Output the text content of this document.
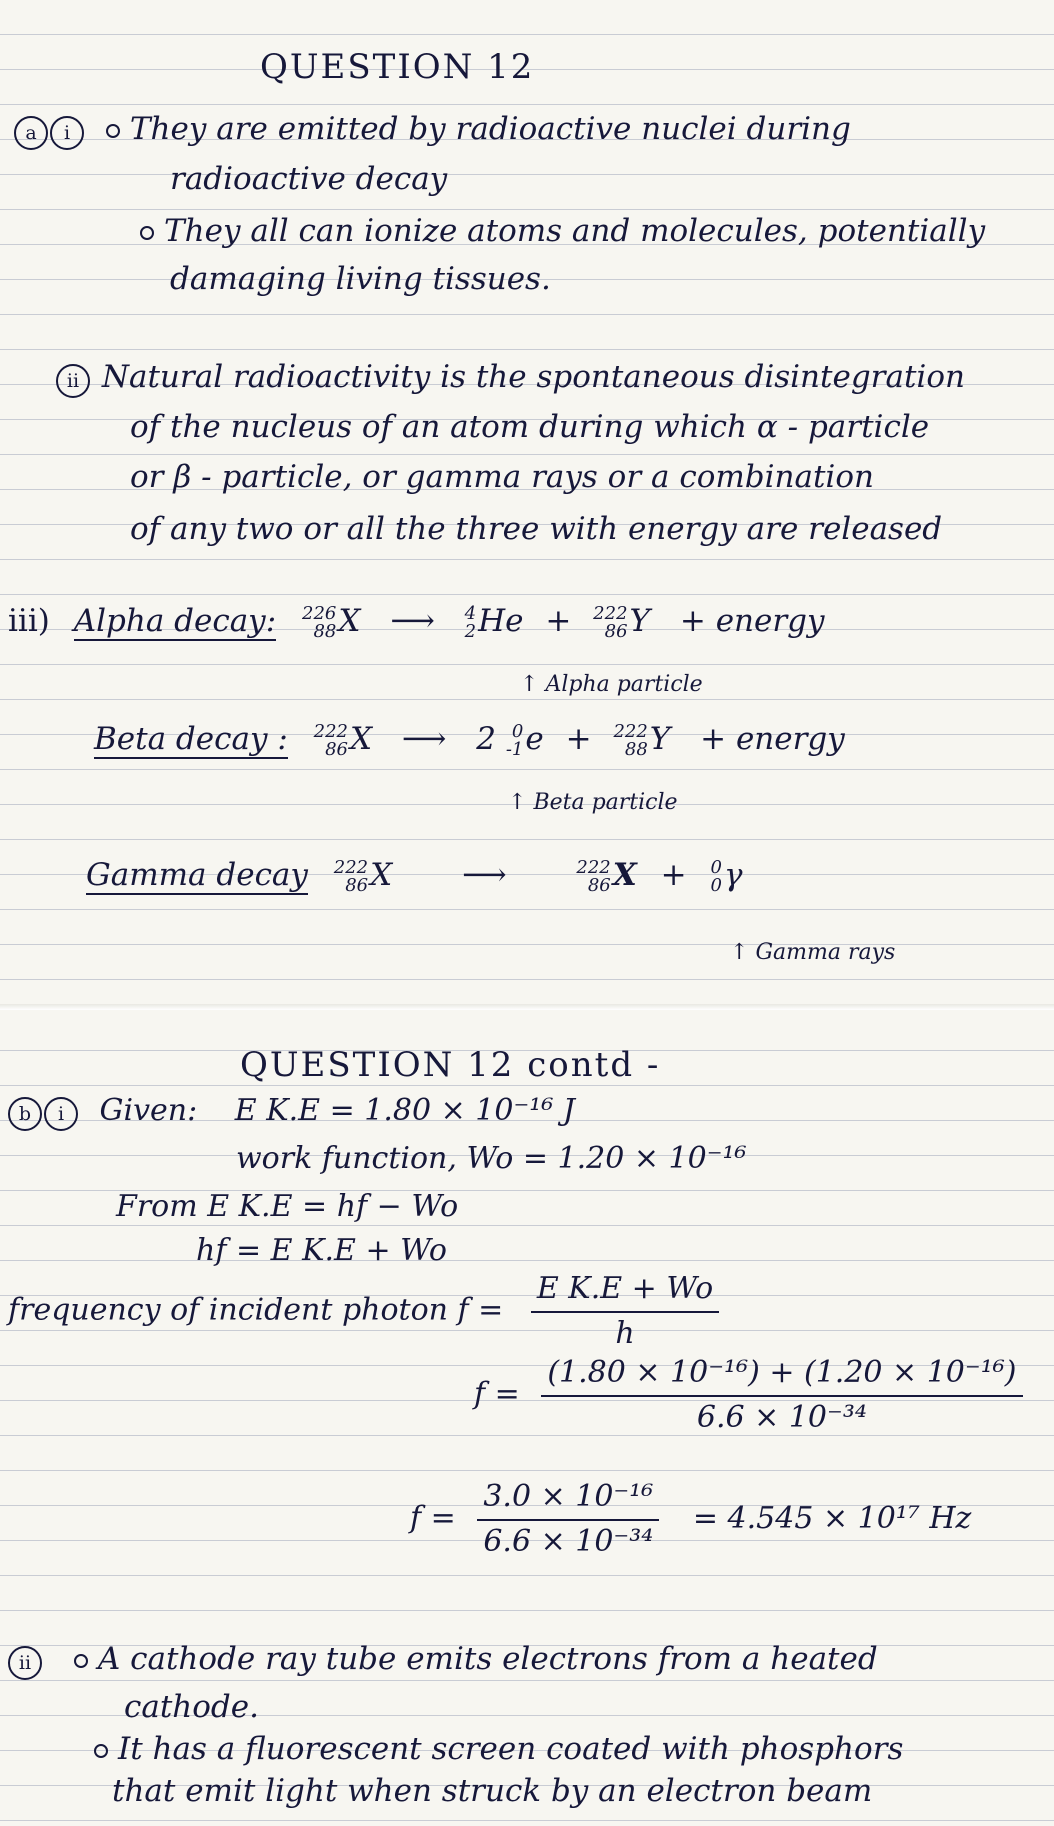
QUESTION 12
a i They are emitted by radioactive nuclei during
radioactive decay
They all can ionize atoms and molecules, potentially
damaging living tissues.
ii Natural radioactivity is the spontaneous disintegration
of the nucleus of an atom during which α - particle
or β - particle, or gamma rays or a combination
of any two or all the three with energy are released
iii) Alpha decay: 226
88 X ⟶ 4
2 He + 222
86 Y + energy
↑ Alpha particle
Beta decay : 222
86 X ⟶ 2 0
-1 e + 222
88 Y + energy
↑ Beta particle
Gamma decay 222
86 X ⟶	222
86 X + 0
0 γ
↑ Gamma rays
QUESTION 12 contd -
b i Given: E K.E = 1.80 × 10⁻¹⁶ J
work function, Wo = 1.20 × 10⁻¹⁶
From E K.E = hf − Wo
hf = E K.E + Wo
frequency of incident photon $f = \frac{\text{E K.E + Wo}}{h}$
$f = \frac{\text{(1.80 × 10⁻¹⁶) + (1.20 × 10⁻¹⁶)}}{\text{6.6 × 10⁻³⁴}}$
$f = \frac{\text{3.0 × 10⁻¹⁶}}{\text{6.6 × 10⁻³⁴}} = 4.545 \times 10^{17}$ Hz
ii A cathode ray tube emits electrons from a heated
cathode.
It has a fluorescent screen coated with phosphors
that emit light when struck by an electron beam
